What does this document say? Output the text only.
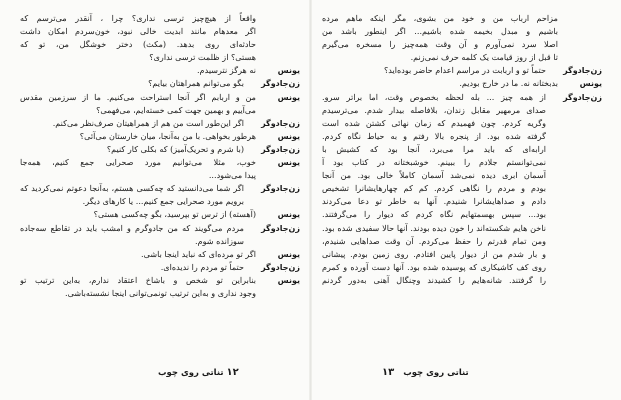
واقعاً از هیچ‌چیز ترسی نداری؟ چرا ، آنقدر می‌ترسم که
اگر معدهام مانند ابدیت خالی نبود، خون‌سردم امکان داشت
حادثه‌ای روی بدهد. (مکث) دختر خوشگل من، تو که
هستی؟ از ظلمت ترسی نداری؟
یونس
نه هرگز نترسیدم.
زن‌جادوگر
بگو می‌توانم همراهتان بیایم؟
یونس
من و اربابم اگر آنجا استراحت می‌کنیم. ما از سرزمین مقدس
می‌آییم و بهمین جهت کمی خسته‌ایم، می‌فهمی؟
زن‌جادوگر
اگر این‌طور است من هم از همراهیتان صرف‌نظر می‌کنم.
یونس
هرطور بخواهی. با من به‌آنجا، میان خارستان می‌آئی؟
زن‌جادوگر
(با شرم و تحریک‌آمیز) که بکلی کار کنیم؟
یونس
خوب، مثلا می‌توانیم مورد صحرایی جمع کنیم، همه‌جا
پیدا می‌شود...
زن‌جادوگر
اگر شما می‌دانستید که چه‌کسی هستم، به‌آنجا دعوتم نمی‌کردید که
برویم مورد صحرایی جمع کنیم... یا کارهای دیگر.
یونس
(آهسته) از ترس تو بپرسید، بگو چه‌کسی هستی؟
زن‌جادوگر
مردم می‌گویند که من جادوگرم و امشب باید در تقاطع سه‌جاده
سوزانده شوم.
یونس
اگر تو مرده‌ای که نباید اینجا باشی.
زن‌جادوگر
حتماً تو مردم را ندیده‌ای.
یونس
بنابراین تو شخص و باشاخ اعتقاد ندارم، به‌این ترتیب تو
وجود نداری و به‌این ترتیب تونمی‌توانی اینجا نشسته‌باشی.
۱۲ تناتی روی چوب
مزاحم ارباب من و خود من بشوی، مگر اینکه ماهم مرده
باشیم و مبدل بخیمه شده باشیم... اگر اینطور باشد من
اصلا سرد نمی‌آورم و آن وقت همه‌چیز را مسخره می‌گیرم
تا قبل از روز قیامت یک کلمه حرف نمی‌زنم.
زن‌جادوگر
حتماً تو و اربابت در مراسم اعدام حاضر بوده‌اید؟
یونس
بدبختانه نه. ما در خارج بودیم.
زن‌جادوگر
از همه چیز ... بله لحظه بخصوص وقت، اما براتر سرو.
صدای مرمهیر مقابل زندان، بلافاصله بیدار شدم. می‌ترسیدم
وگریه کردم. چون فهمیدم که زمان نهائی کشتن شده است
گرفته شده بود. از پنجره بالا رفتم و به حیاط نگاه کردم.
ارابه‌ای که باید مرا می‌برد، آنجا بود که کشیش با
نمی‌توانستم جلادم را ببینم. خوشبختانه در کتاب بود آ
آسمان ابری دیده نمی‌شد آسمان کاملاً خالی بود. من آنجا
بودم و مردم را نگاهی کردم. کم کم چهارهایشانرا تشخیص
دادم و صداهایشانرا شنیدم. آنها به خاطر تو دعا می‌کردند
بود... سپس بهسمتهایم نگاه کردم که دیوار را می‌گرفتند.
ناخن هایم شکسته‌اند را خون دیده بودند. آنها حالا سفیدی شده بود.
ومن تمام قدرتم را حفظ می‌کردم. آن وقت صداهایی شنیدم،
و بار شدم من از دیوار پایین افتادم. روی زمین بودم. پیشانی
روی کف کاشیکاری که پوسیده شده بود. آنها دست آورده و کمرم
را گرفتند. شانه‌هایم را کشیدند وچنگال آهنی به‌دور گردنم
تناتی روی چوب ۱۳
